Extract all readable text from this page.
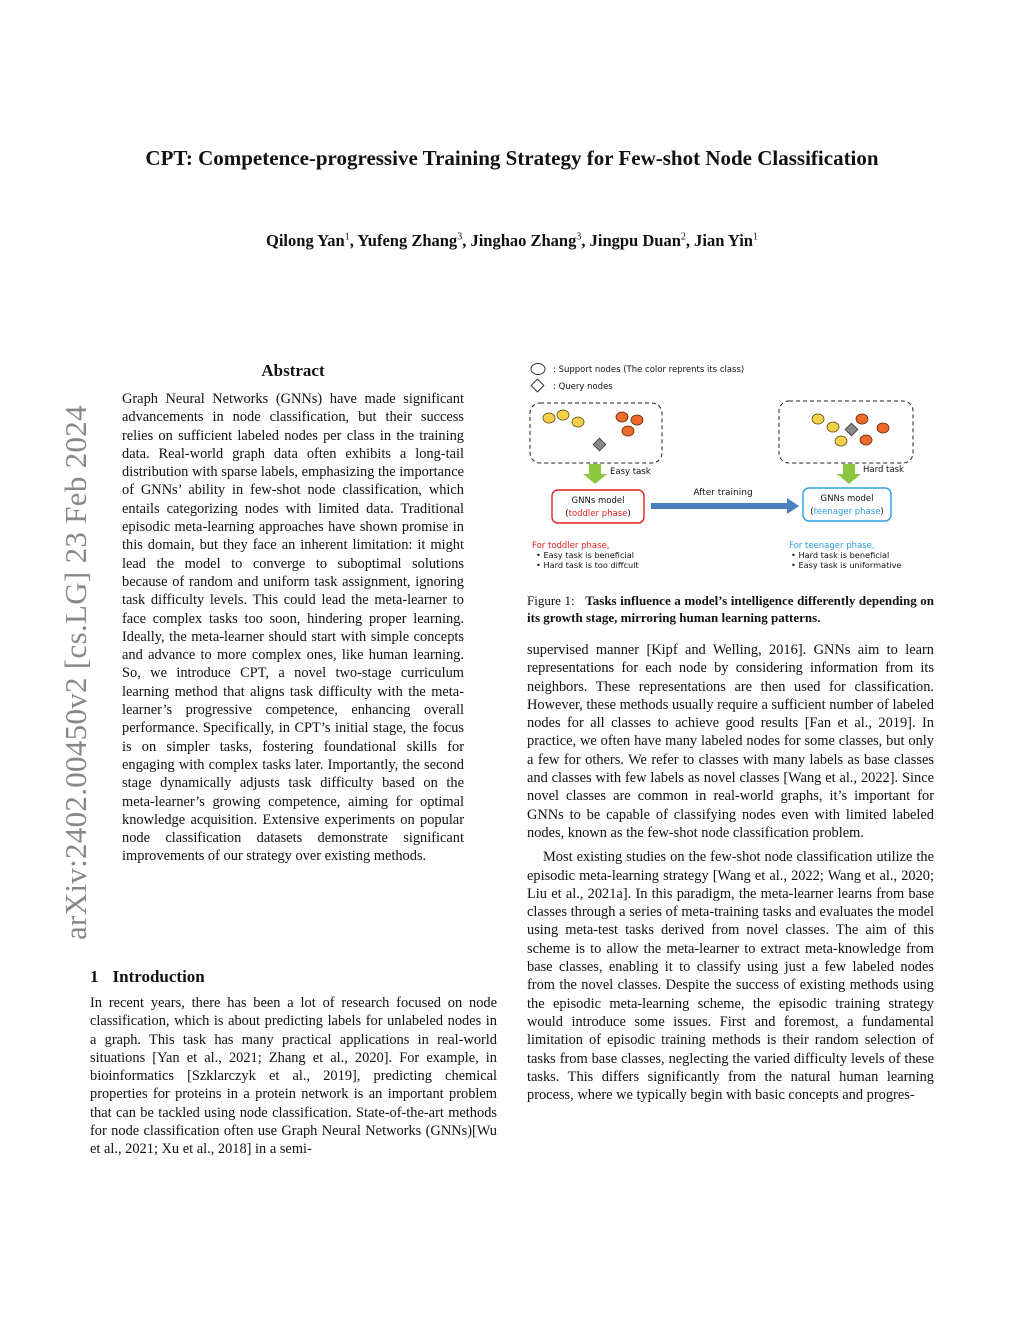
CPT: Competence-progressive Training Strategy for Few-shot Node Classification
Qilong Yan$^1$, Yufeng Zhang$^3$, Jinghao Zhang$^3$, Jingpu Duan$^2$, Jian Yin$^1$
arXiv:2402.00450v2 [cs.LG] 23 Feb 2024
Abstract
Graph Neural Networks (GNNs) have made significant advancements in node classification, but their success relies on sufficient labeled nodes per class in the training data. Real-world graph data often exhibits a long-tail distribution with sparse labels, emphasizing the importance of GNNs’ ability in few-shot node classification, which entails categorizing nodes with limited data. Traditional episodic meta-learning approaches have shown promise in this domain, but they face an inherent limitation: it might lead the model to converge to suboptimal solutions because of random and uniform task assignment, ignoring task difficulty levels. This could lead the meta-learner to face complex tasks too soon, hindering proper learning. Ideally, the meta-learner should start with simple concepts and advance to more complex ones, like human learning. So, we introduce CPT, a novel two-stage curriculum learning method that aligns task difficulty with the meta-learner’s progressive competence, enhancing overall performance. Specifically, in CPT’s initial stage, the focus is on simpler tasks, fostering foundational skills for engaging with complex tasks later. Importantly, the second stage dynamically adjusts task difficulty based on the meta-learner’s growing competence, aiming for optimal knowledge acquisition. Extensive experiments on popular node classification datasets demonstrate significant improvements of our strategy over existing methods.
1 Introduction
In recent years, there has been a lot of research focused on node classification, which is about predicting labels for unlabeled nodes in a graph. This task has many practical applications in real-world situations [Yan et al., 2021; Zhang et al., 2020]. For example, in bioinformatics [Szklarczyk et al., 2019], predicting chemical properties for proteins in a protein network is an important problem that can be tackled using node classification. State-of-the-art methods for node classification often use Graph Neural Networks (GNNs)[Wu et al., 2021; Xu et al., 2018] in a semi-
: Support nodes (The color reprents its class)
: Query nodes
Easy task	Hard task
GNNs model
(toddler phase)
GNNs model
(teenager phase)
After training
For toddler phase,
• Easy task is beneficial
• Hard task is too diffcult
For teenager phase,
• Hard task is beneficial
• Easy task is uniformative
Figure 1: Tasks influence a model’s intelligence differently depending on its growth stage, mirroring human learning patterns.

supervised manner [Kipf and Welling, 2016]. GNNs aim to learn representations for each node by considering information from its neighbors. These representations are then used for classification. However, these methods usually require a sufficient number of labeled nodes for all classes to achieve good results [Fan et al., 2019]. In practice, we often have many labeled nodes for some classes, but only a few for others. We refer to classes with many labels as base classes and classes with few labels as novel classes [Wang et al., 2022]. Since novel classes are common in real-world graphs, it’s important for GNNs to be capable of classifying nodes even with limited labeled nodes, known as the few-shot node classification problem.

Most existing studies on the few-shot node classification utilize the episodic meta-learning strategy [Wang et al., 2022; Wang et al., 2020; Liu et al., 2021a]. In this paradigm, the meta-learner learns from base classes through a series of meta-training tasks and evaluates the model using meta-test tasks derived from novel classes. The aim of this scheme is to allow the meta-learner to extract meta-knowledge from base classes, enabling it to classify using just a few labeled nodes from the novel classes. Despite the success of existing methods using the episodic meta-learning scheme, the episodic training strategy would introduce some issues. First and foremost, a fundamental limitation of episodic training methods is their random selection of tasks from base classes, neglecting the varied difficulty levels of these tasks. This differs significantly from the natural human learning process, where we typically begin with basic concepts and progres-
